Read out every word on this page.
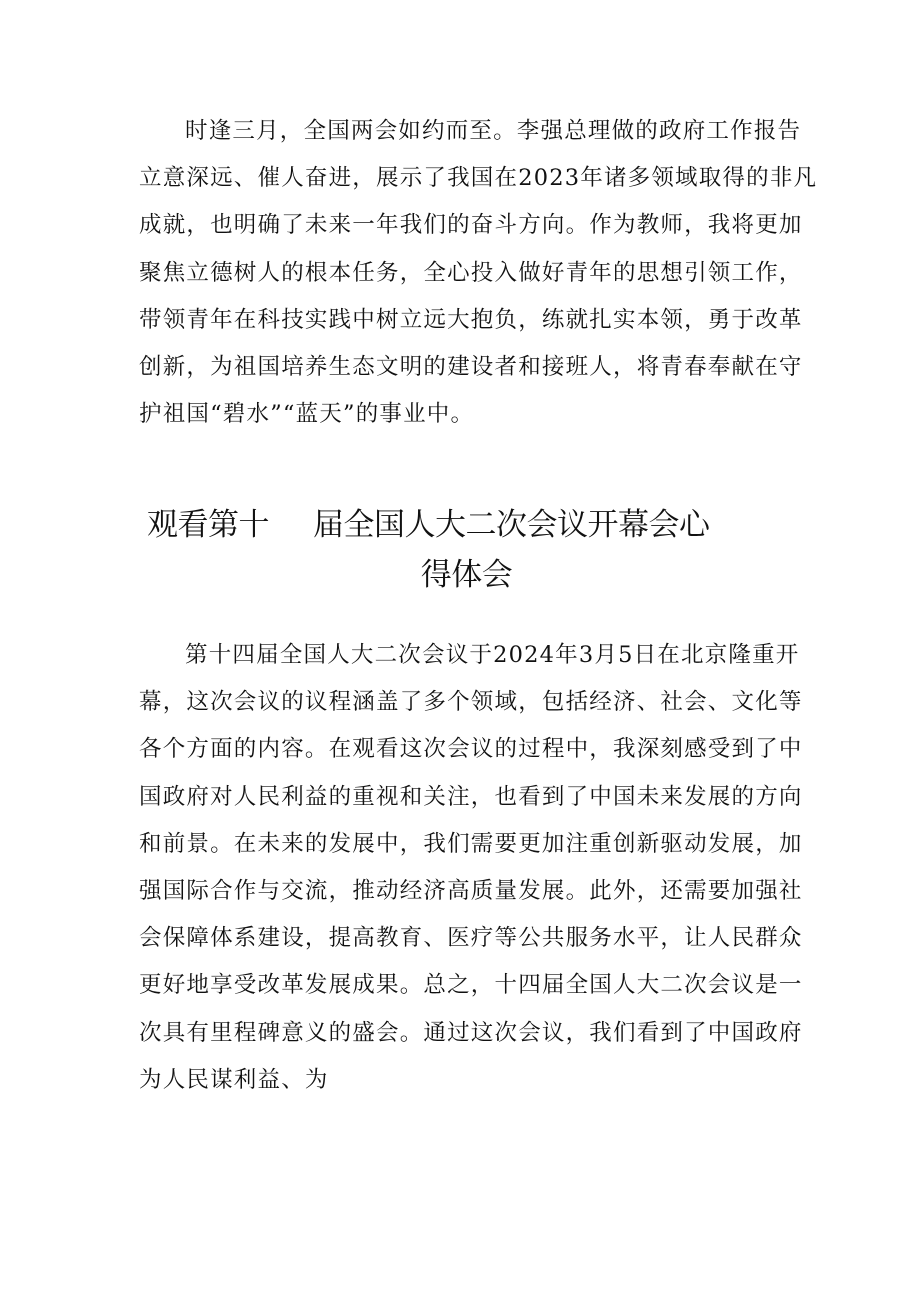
时逢三月，全国两会如约而至。李强总理做的政府工作报告
立意深远、催人奋进，展示了我国在2023年诸多领域取得的非凡
成就，也明确了未来一年我们的奋斗方向。作为教师，我将更加
聚焦立德树人的根本任务，全心投入做好青年的思想引领工作，
带领青年在科技实践中树立远大抱负，练就扎实本领，勇于改革
创新，为祖国培养生态文明的建设者和接班人，将青春奉献在守
护祖国“碧水”“蓝天”的事业中。
观看第十 届全国人大二次会议开幕会心
得体会
第十四届全国人大二次会议于2024年3月5日在北京隆重开
幕，这次会议的议程涵盖了多个领域，包括经济、社会、文化等
各个方面的内容。在观看这次会议的过程中，我深刻感受到了中
国政府对人民利益的重视和关注，也看到了中国未来发展的方向
和前景。在未来的发展中，我们需要更加注重创新驱动发展，加
强国际合作与交流，推动经济高质量发展。此外，还需要加强社
会保障体系建设，提高教育、医疗等公共服务水平，让人民群众
更好地享受改革发展成果。总之，十四届全国人大二次会议是一
次具有里程碑意义的盛会。通过这次会议，我们看到了中国政府
为人民谋利益、为
